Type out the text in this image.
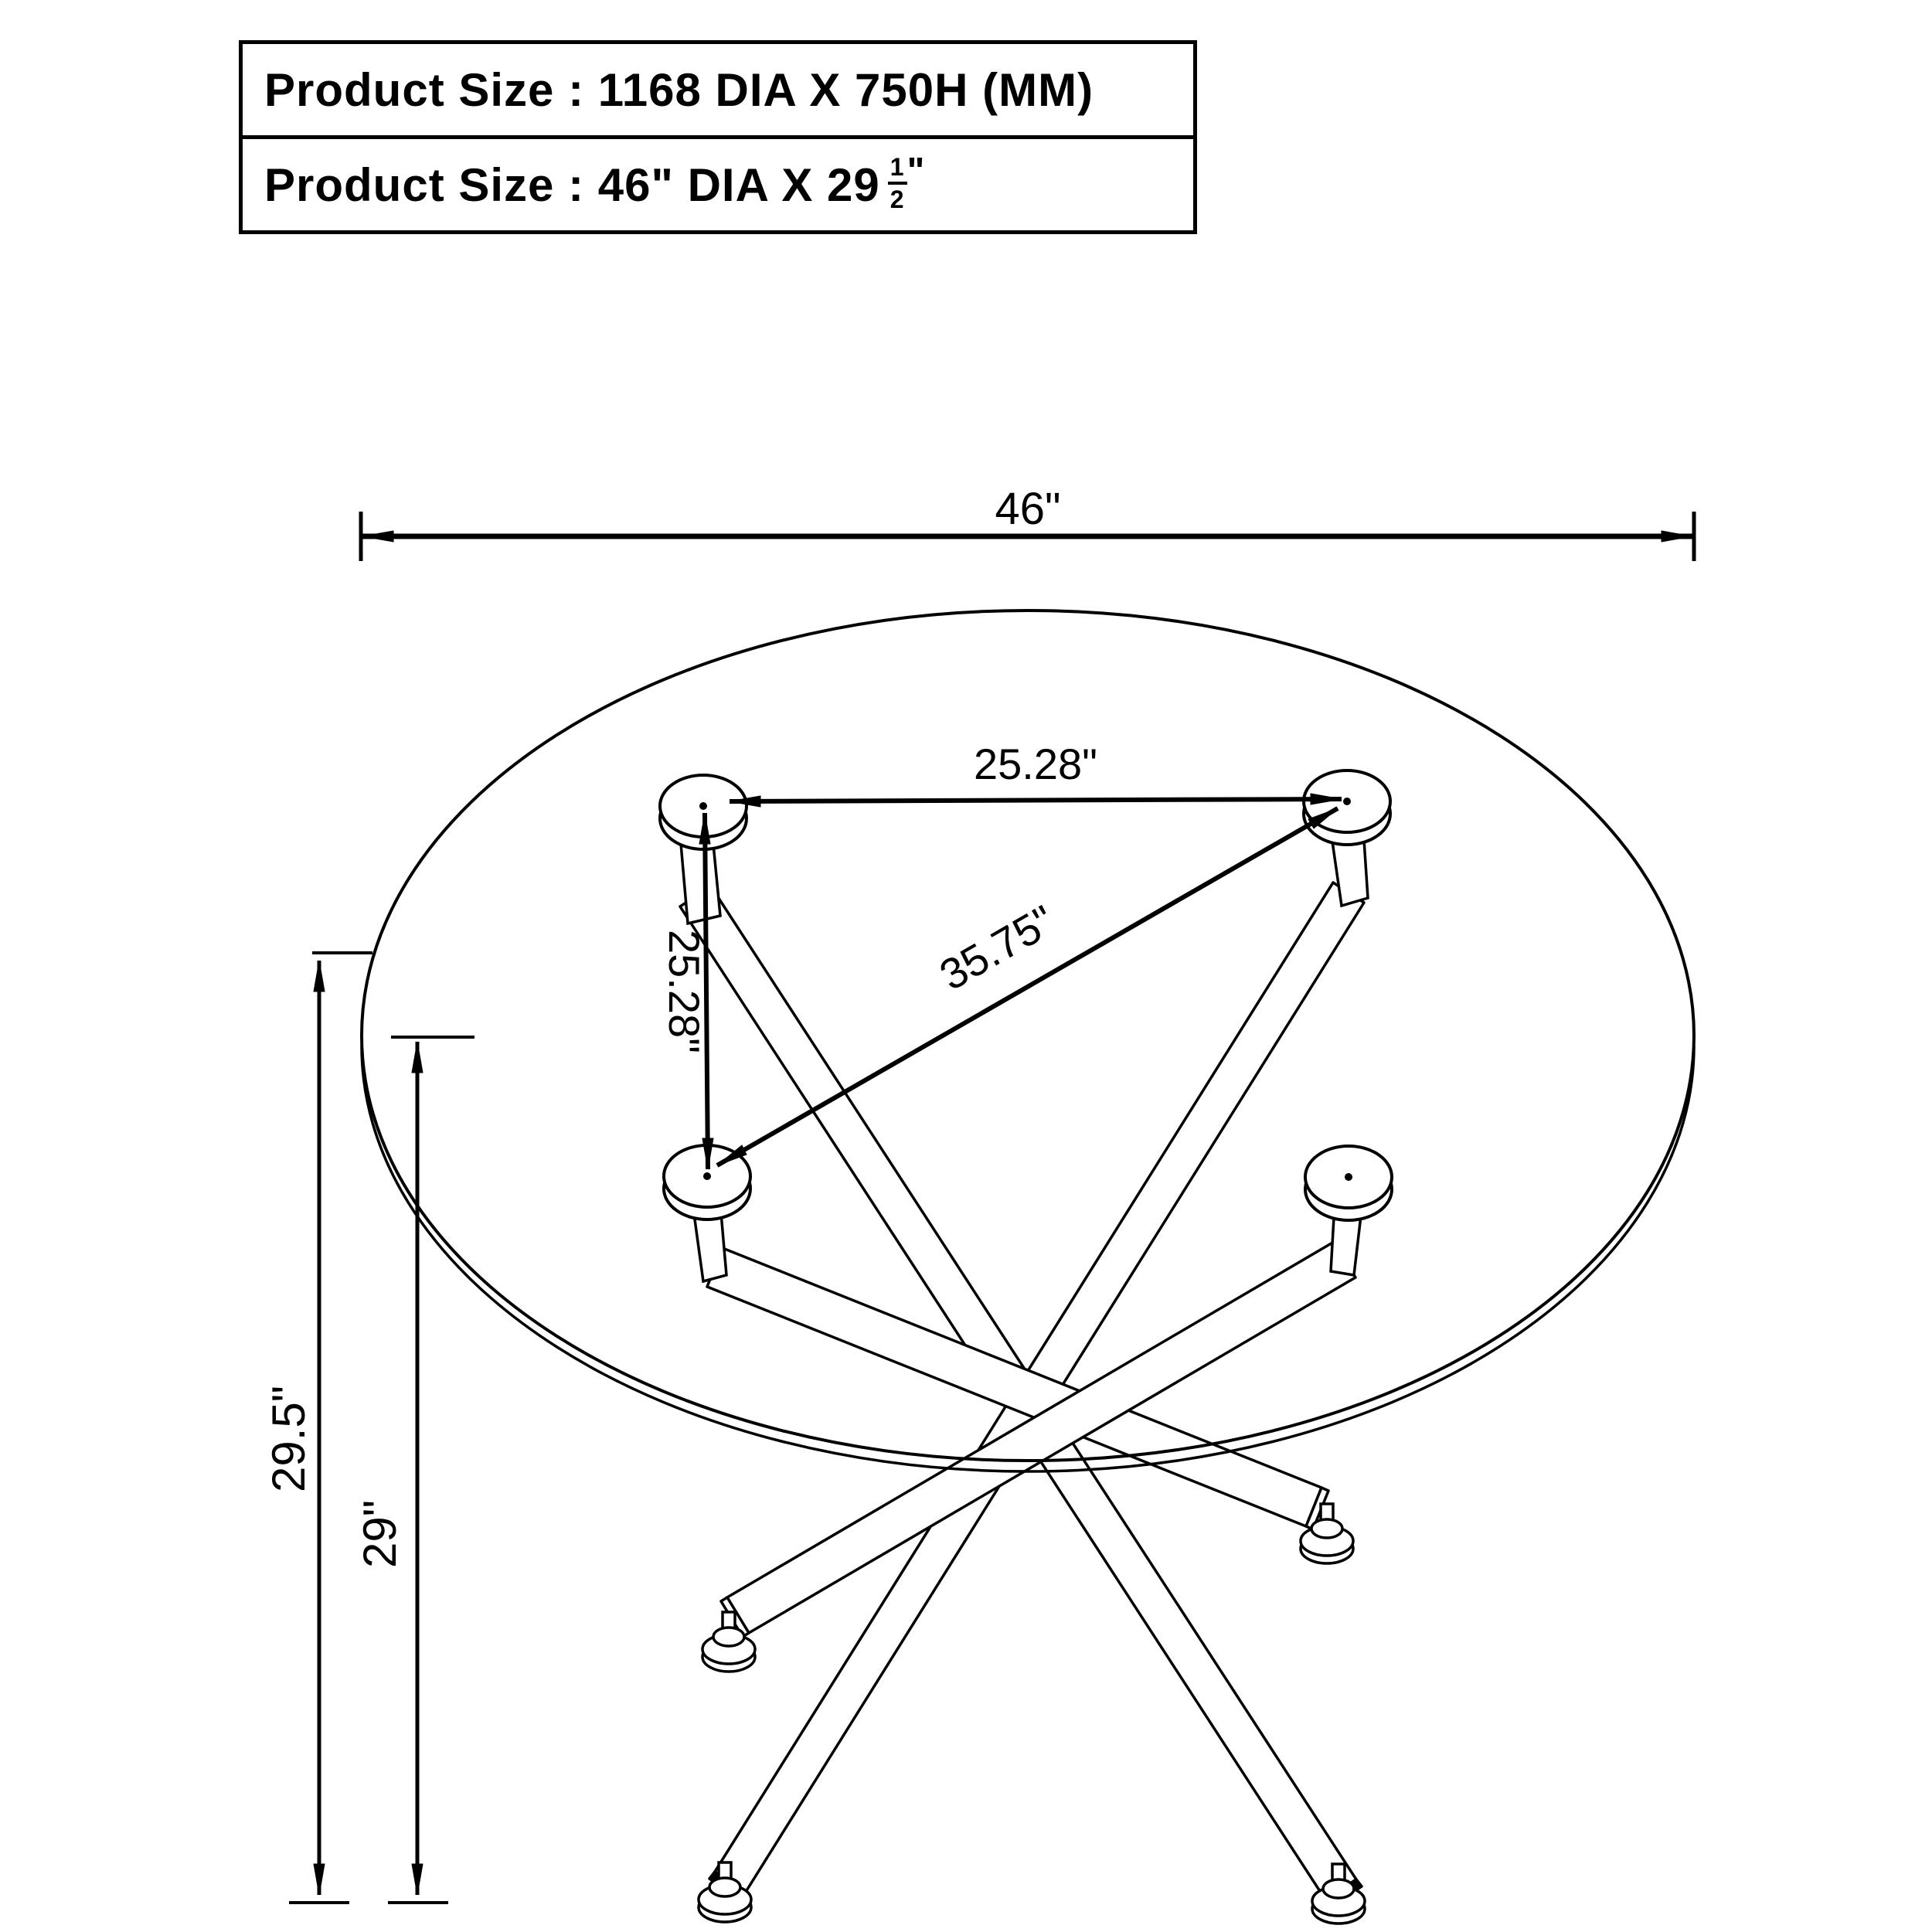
Product Size : 1168 DIA X 750H (MM)
Product Size : 46" DIA X $29 \frac{1}{2}$ "
46"
25.28"
25.28"	35.75"
29.5"
29"
